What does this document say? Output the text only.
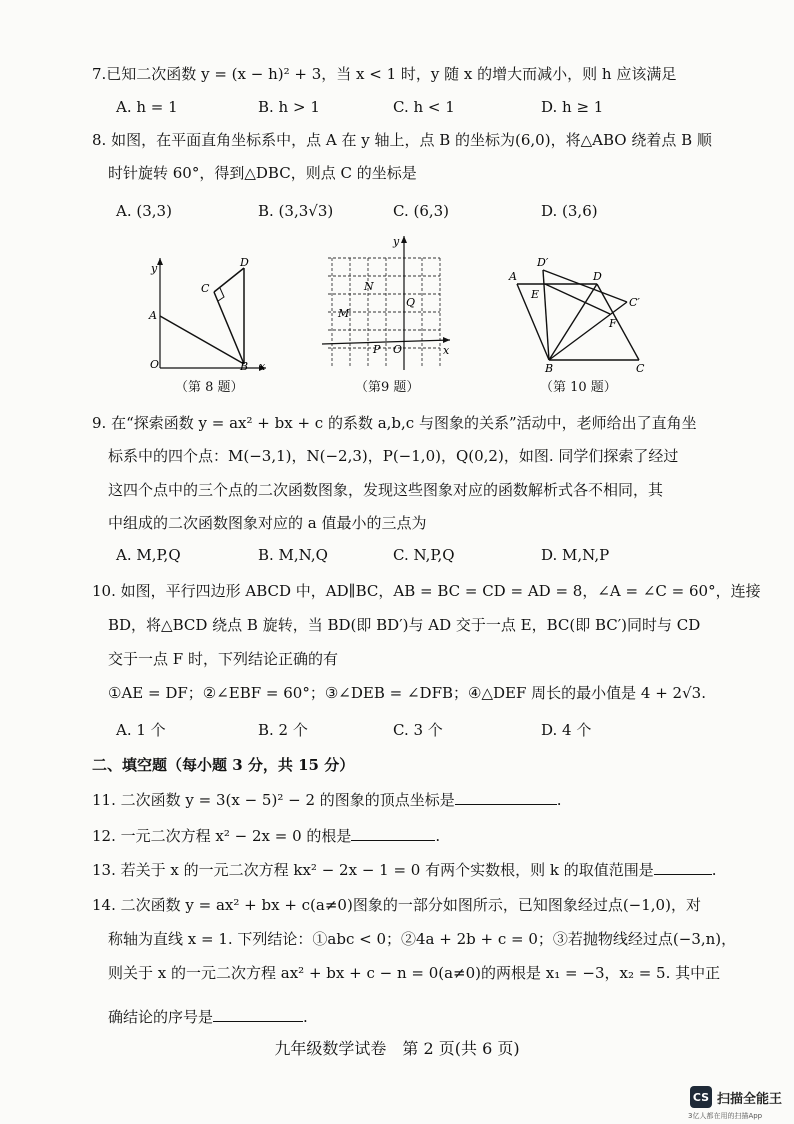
7.已知二次函数 y = (x − h)² + 3，当 x < 1 时，y 随 x 的增大而减小，则 h 应该满足
A. h = 1	B. h > 1	C. h < 1	D. h ≥ 1
8. 如图，在平面直角坐标系中，点 A 在 y 轴上，点 B 的坐标为(6,0)，将△ABO 绕着点 B 顺
时针旋转 60°，得到△DBC，则点 C 的坐标是
A. (3,3)	B. (3,3√3)	C. (6,3)	D. (3,6)
y	D
C
A
O	B x
（第 8 题）
y
N
M
Q
P O	x
（第9 题）
A
D′
D
E
C′
F
B	C
（第 10 题）
9. 在“探索函数 y = ax² + bx + c 的系数 a,b,c 与图象的关系”活动中，老师给出了直角坐
标系中的四个点：M(−3,1)，N(−2,3)，P(−1,0)，Q(0,2)，如图. 同学们探索了经过
这四个点中的三个点的二次函数图象，发现这些图象对应的函数解析式各不相同，其
中组成的二次函数图象对应的 a 值最小的三点为
A. M,P,Q	B. M,N,Q	C. N,P,Q	D. M,N,P
10. 如图，平行四边形 ABCD 中，AD∥BC，AB = BC = CD = AD = 8，∠A = ∠C = 60°，连接
BD，将△BCD 绕点 B 旋转，当 BD(即 BD′)与 AD 交于一点 E，BC(即 BC′)同时与 CD
交于一点 F 时，下列结论正确的有
①AE = DF；②∠EBF = 60°；③∠DEB = ∠DFB；④△DEF 周长的最小值是 4 + 2√3.
A. 1 个	B. 2 个	C. 3 个	D. 4 个
二、填空题（每小题 3 分，共 15 分）
11. 二次函数 y = 3(x − 5)² − 2 的图象的顶点坐标是	.
12. 一元二次方程 x² − 2x = 0 的根是	.
13. 若关于 x 的一元二次方程 kx² − 2x − 1 = 0 有两个实数根，则 k 的取值范围是	.
14. 二次函数 y = ax² + bx + c(a≠0)图象的一部分如图所示，已知图象经过点(−1,0)，对
称轴为直线 x = 1. 下列结论：①abc < 0；②4a + 2b + c = 0；③若抛物线经过点(−3,n)，
则关于 x 的一元二次方程 ax² + bx + c − n = 0(a≠0)的两根是 x₁ = −3，x₂ = 5. 其中正
确结论的序号是	.
九年级数学试卷　第 2 页(共 6 页)
CS 扫描全能王
3亿人都在用的扫描App
